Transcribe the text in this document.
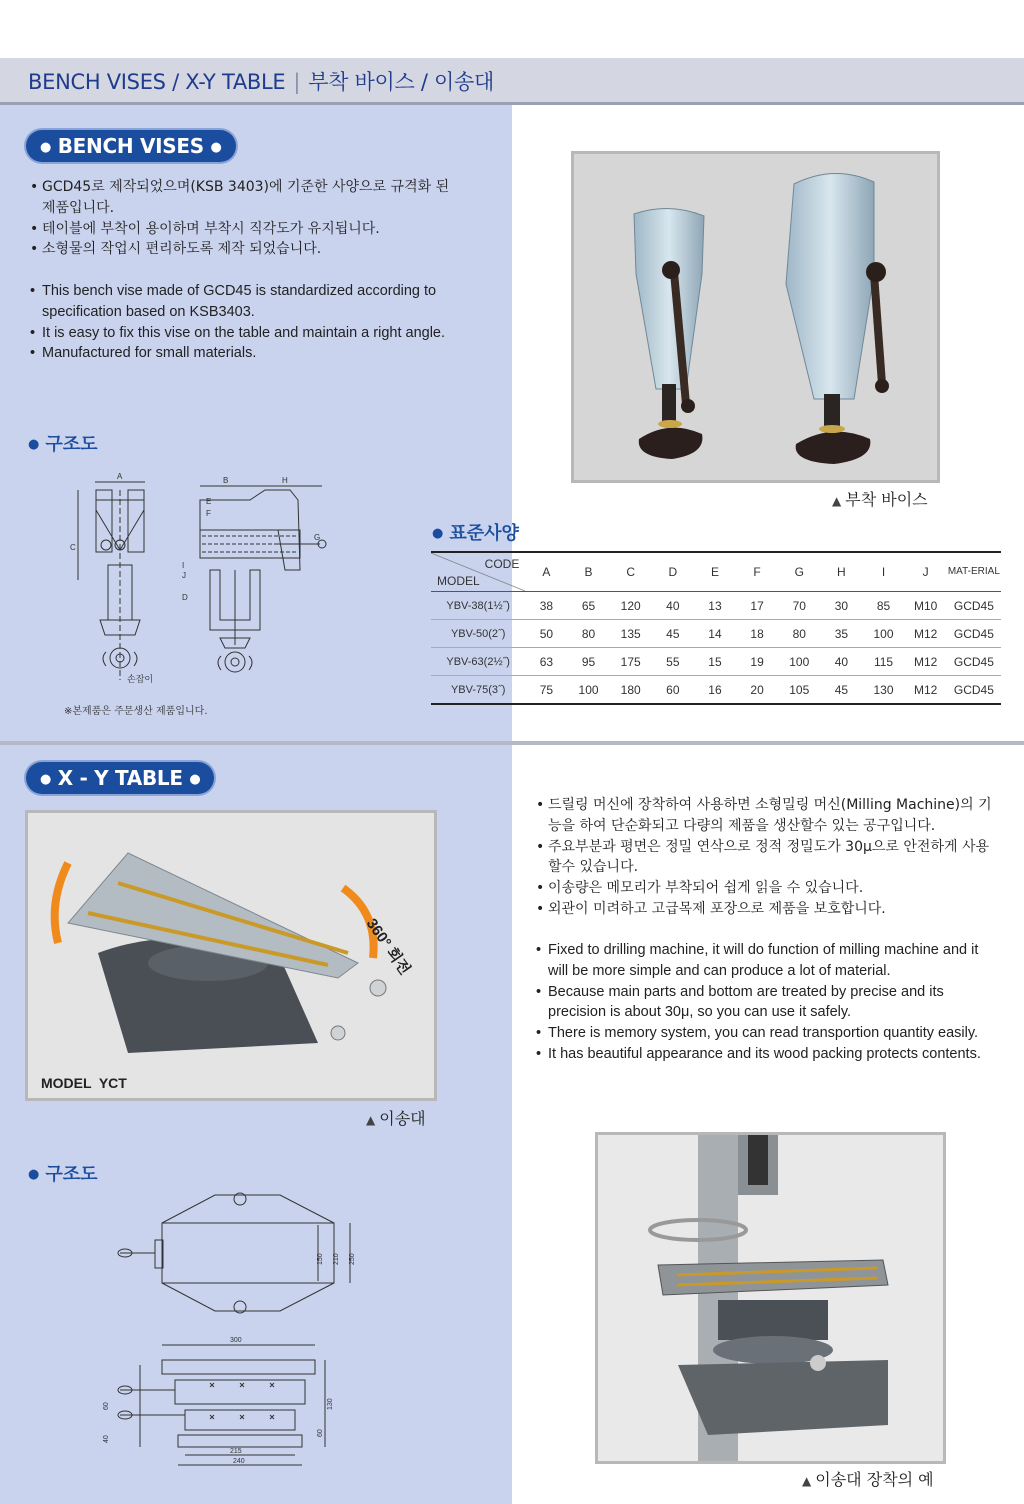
BENCH VISES / X-Y TABLE | 부착 바이스 / 이송대
● BENCH VISES ●
• GCD45로 제작되었으며(KSB 3403)에 기준한 사양으로 규격화 된 제품입니다.
• 테이블에 부착이 용이하며 부착시 직각도가 유지됩니다.
• 소형물의 작업시 편리하도록 제작 되었습니다.
• This bench vise made of GCD45 is standardized according to specification based on KSB3403.
• It is easy to fix this vise on the table and maintain a right angle.
• Manufactured for small materials.
● 구조도
A
C
손잡이
B	H
E
F
G
I
J
D
※본제품은 주문생산 제품입니다.
▲ 부착 바이스
● 표준사양
CODE
MODEL	A	B	C	D	E	F	G	H	I	J	MAT-ERIAL
YBV-38(1½˝)	38	65	120	40	13	17	70	30	85	M10	GCD45
YBV-50(2˝)	50	80	135	45	14	18	80	35	100	M12	GCD45
YBV-63(2½˝)	63	95	175	55	15	19	100	40	115	M12	GCD45
YBV-75(3˝)	75	100	180	60	16	20	105	45	130	M12	GCD45
● X - Y TABLE ●
360° 회전
MODEL  YCT
▲ 이송대
● 구조도
150 210 250
300
60
40
130
60
215
240
• 드릴링 머신에 장착하여 사용하면 소형밀링 머신(Milling Machine)의 기능을 하여 단순화되고 다량의 제품을 생산할수 있는 공구입니다.
• 주요부분과 평면은 정밀 연삭으로 정적 정밀도가 30μ으로 안전하게 사용할수 있습니다.
• 이송량은 메모리가 부착되어 쉽게 읽을 수 있습니다.
• 외관이 미려하고 고급목제 포장으로 제품을 보호합니다.
• Fixed to drilling machine, it will do function of milling machine and it will be more simple and can produce a lot of material.
• Because main parts and bottom are treated by precise and its precision is about 30μ, so you can use it safely.
• There is memory system, you can read transportion quantity easily.
• It has beautiful appearance and its wood packing protects contents.
▲ 이송대 장착의 예
